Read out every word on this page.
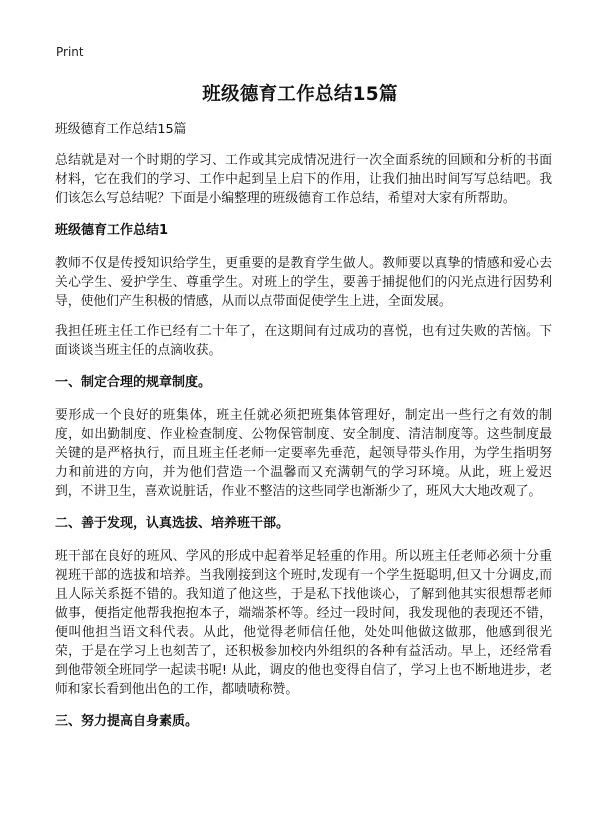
Print
班级德育工作总结15篇
班级德育工作总结15篇

总结就是对一个时期的学习、工作或其完成情况进行一次全面系统的回顾和分析的书面材料，它在我们的学习、工作中起到呈上启下的作用，让我们抽出时间写写总结吧。我们该怎么写总结呢？下面是小编整理的班级德育工作总结，希望对大家有所帮助。

班级德育工作总结1

教师不仅是传授知识给学生，更重要的是教育学生做人。教师要以真挚的情感和爱心去关心学生、爱护学生、尊重学生。对班上的学生，要善于捕捉他们的闪光点进行因势利导，使他们产生积极的情感，从而以点带面促使学生上进，全面发展。

我担任班主任工作已经有二十年了，在这期间有过成功的喜悦，也有过失败的苦恼。下面谈谈当班主任的点滴收获。

一、制定合理的规章制度。

要形成一个良好的班集体，班主任就必须把班集体管理好，制定出一些行之有效的制度，如出勤制度、作业检查制度、公物保管制度、安全制度、清洁制度等。这些制度最关键的是严格执行，而且班主任老师一定要率先垂范，起领导带头作用，为学生指明努力和前进的方向，并为他们营造一个温馨而又充满朝气的学习环境。从此，班上爱迟到，不讲卫生，喜欢说脏话，作业不整洁的这些同学也渐渐少了，班风大大地改观了。

二、善于发现，认真选拔、培养班干部。

班干部在良好的班风、学风的形成中起着举足轻重的作用。所以班主任老师必须十分重视班干部的选拔和培养。当我刚接到这个班时,发现有一个学生挺聪明,但又十分调皮,而且人际关系挺不错的。我知道了他这些，于是私下找他谈心，了解到他其实很想帮老师做事，便指定他帮我抱抱本子，端端茶杯等。经过一段时间，我发现他的表现还不错，便叫他担当语文科代表。从此，他觉得老师信任他，处处叫他做这做那，他感到很光荣，于是在学习上也刻苦了，还积极参加校内外组织的各种有益活动。早上，还经常看到他带领全班同学一起读书呢! 从此，调皮的他也变得自信了，学习上也不断地进步，老师和家长看到他出色的工作，都啧啧称赞。

三、努力提高自身素质。
